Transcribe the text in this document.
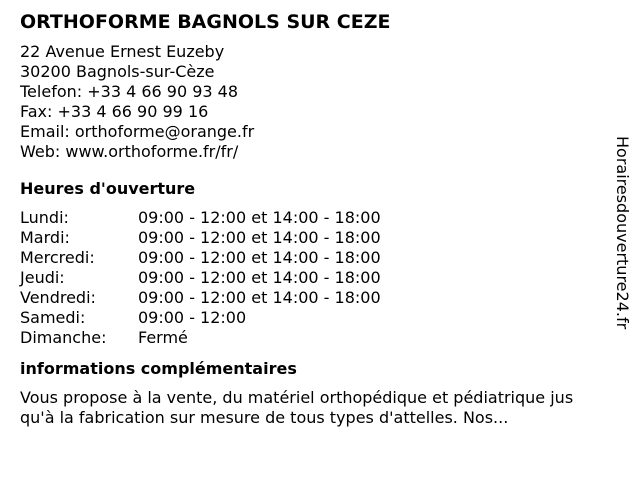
ORTHOFORME BAGNOLS SUR CEZE
22 Avenue Ernest Euzeby
30200 Bagnols-sur-Cèze
Telefon: +33 4 66 90 93 48
Fax: +33 4 66 90 99 16
Email: orthoforme@orange.fr
Web: www.orthoforme.fr/fr/
Heures d'ouverture
Lundi:	09:00 - 12:00 et 14:00 - 18:00
Mardi:	09:00 - 12:00 et 14:00 - 18:00
Mercredi:	09:00 - 12:00 et 14:00 - 18:00
Jeudi:	09:00 - 12:00 et 14:00 - 18:00
Vendredi:	09:00 - 12:00 et 14:00 - 18:00
Samedi:	09:00 - 12:00
Dimanche:	Fermé
informations complémentaires
Vous propose à la vente, du matériel orthopédique et pédiatrique jus
qu'à la fabrication sur mesure de tous types d'attelles. Nos...
Horairesdouverture24.fr
